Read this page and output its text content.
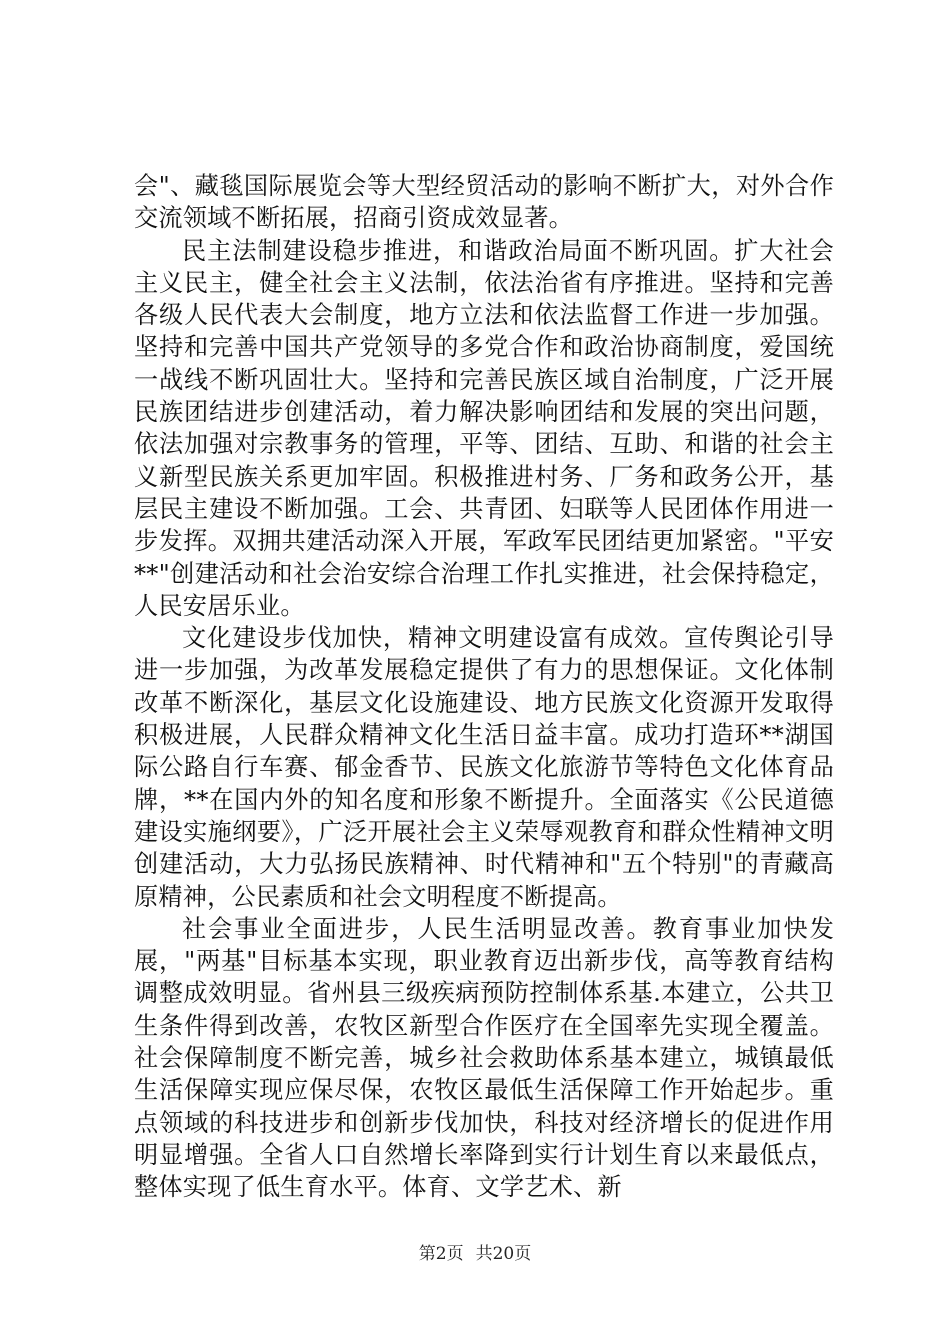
会"、藏毯国际展览会等大型经贸活动的影响不断扩大，对外合作交流领域不断拓展，招商引资成效显著。

民主法制建设稳步推进，和谐政治局面不断巩固。扩大社会主义民主，健全社会主义法制，依法治省有序推进。坚持和完善各级人民代表大会制度，地方立法和依法监督工作进一步加强。坚持和完善中国共产党领导的多党合作和政治协商制度，爱国统一战线不断巩固壮大。坚持和完善民族区域自治制度，广泛开展民族团结进步创建活动，着力解决影响团结和发展的突出问题，依法加强对宗教事务的管理，平等、团结、互助、和谐的社会主义新型民族关系更加牢固。积极推进村务、厂务和政务公开，基层民主建设不断加强。工会、共青团、妇联等人民团体作用进一步发挥。双拥共建活动深入开展，军政军民团结更加紧密。"平安**"创建活动和社会治安综合治理工作扎实推进，社会保持稳定，人民安居乐业。

文化建设步伐加快，精神文明建设富有成效。宣传舆论引导进一步加强，为改革发展稳定提供了有力的思想保证。文化体制改革不断深化，基层文化设施建设、地方民族文化资源开发取得积极进展，人民群众精神文化生活日益丰富。成功打造环**湖国际公路自行车赛、郁金香节、民族文化旅游节等特色文化体育品牌，**在国内外的知名度和形象不断提升。全面落实《公民道德建设实施纲要》，广泛开展社会主义荣辱观教育和群众性精神文明创建活动，大力弘扬民族精神、时代精神和"五个特别"的青藏高原精神，公民素质和社会文明程度不断提高。

社会事业全面进步，人民生活明显改善。教育事业加快发展，"两基"目标基本实现，职业教育迈出新步伐，高等教育结构调整成效明显。省州县三级疾病预防控制体系基.本建立，公共卫生条件得到改善，农牧区新型合作医疗在全国率先实现全覆盖。社会保障制度不断完善，城乡社会救助体系基本建立，城镇最低生活保障实现应保尽保，农牧区最低生活保障工作开始起步。重点领域的科技进步和创新步伐加快，科技对经济增长的促进作用明显增强。全省人口自然增长率降到实行计划生育以来最低点，整体实现了低生育水平。体育、文学艺术、新

第2页 共20页
